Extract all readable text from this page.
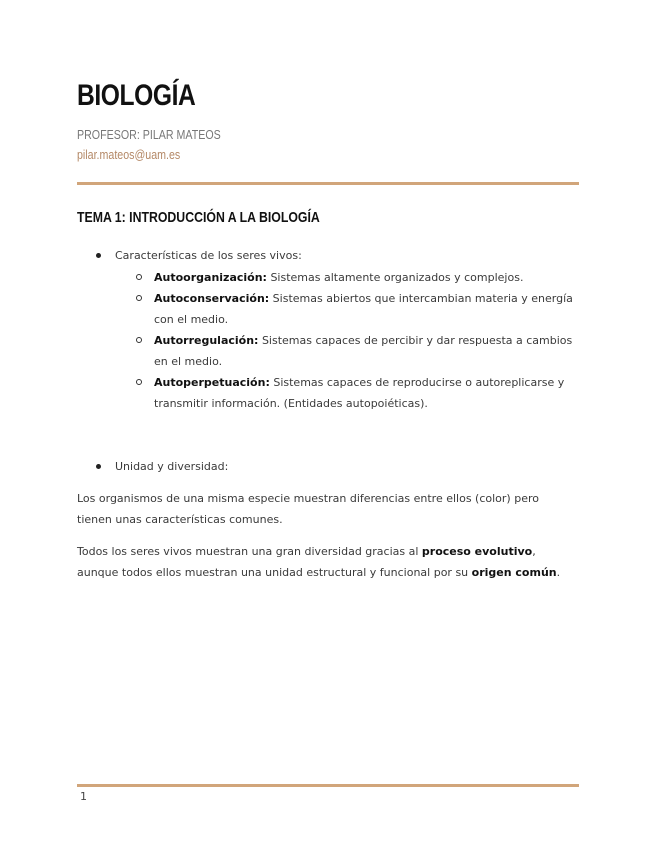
BIOLOGÍA
PROFESOR: PILAR MATEOS
pilar.mateos@uam.es
TEMA 1: INTRODUCCIÓN A LA BIOLOGÍA
Características de los seres vivos:
Autoorganización: Sistemas altamente organizados y complejos.
Autoconservación: Sistemas abiertos que intercambian materia y energía con el medio.
Autorregulación: Sistemas capaces de percibir y dar respuesta a cambios en el medio.
Autoperpetuación: Sistemas capaces de reproducirse o autoreplicarse y transmitir información. (Entidades autopoiéticas).
Unidad y diversidad:

Los organismos de una misma especie muestran diferencias entre ellos (color) pero tienen unas características comunes.

Todos los seres vivos muestran una gran diversidad gracias al proceso evolutivo, aunque todos ellos muestran una unidad estructural y funcional por su origen común.

1
